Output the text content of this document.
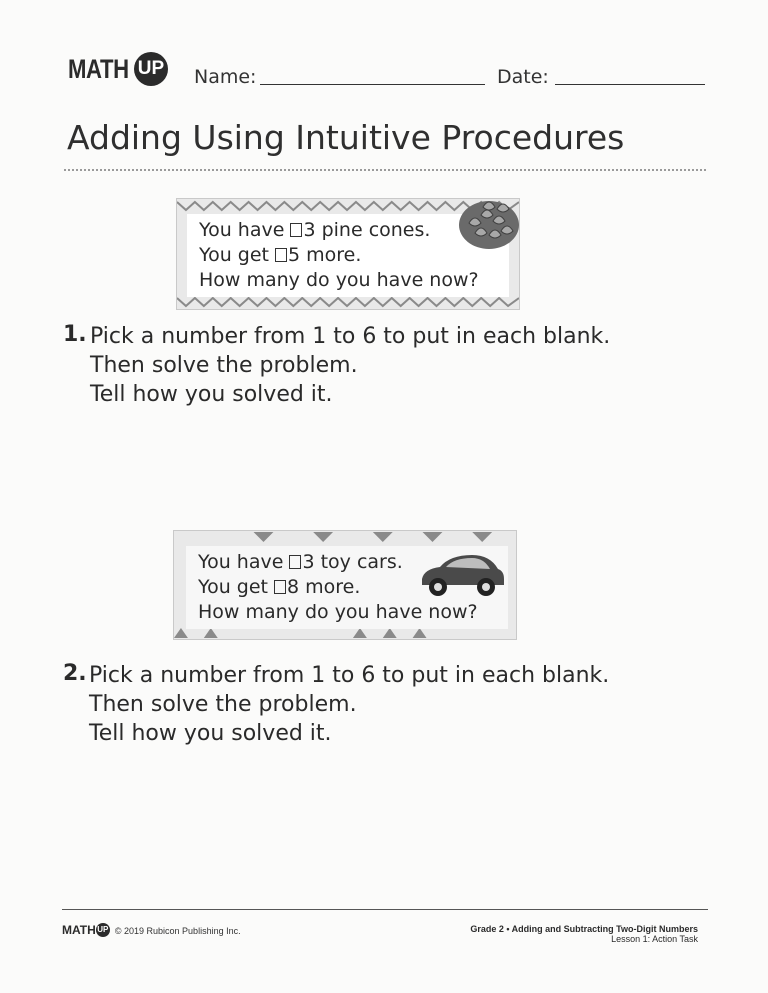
MATH UP Name:	Date:
Adding Using Intuitive Procedures
You have 3 pine cones.
You get 5 more.
How many do you have now?
1. Pick a number from 1 to 6 to put in each blank.
Then solve the problem.
Tell how you solved it.
You have 3 toy cars.
You get 8 more.
How many do you have now?
2. Pick a number from 1 to 6 to put in each blank.
Then solve the problem.
Tell how you solved it.
MATHUP © 2019 Rubicon Publishing Inc.	Grade 2 • Adding and Subtracting Two-Digit Numbers
Lesson 1: Action Task
